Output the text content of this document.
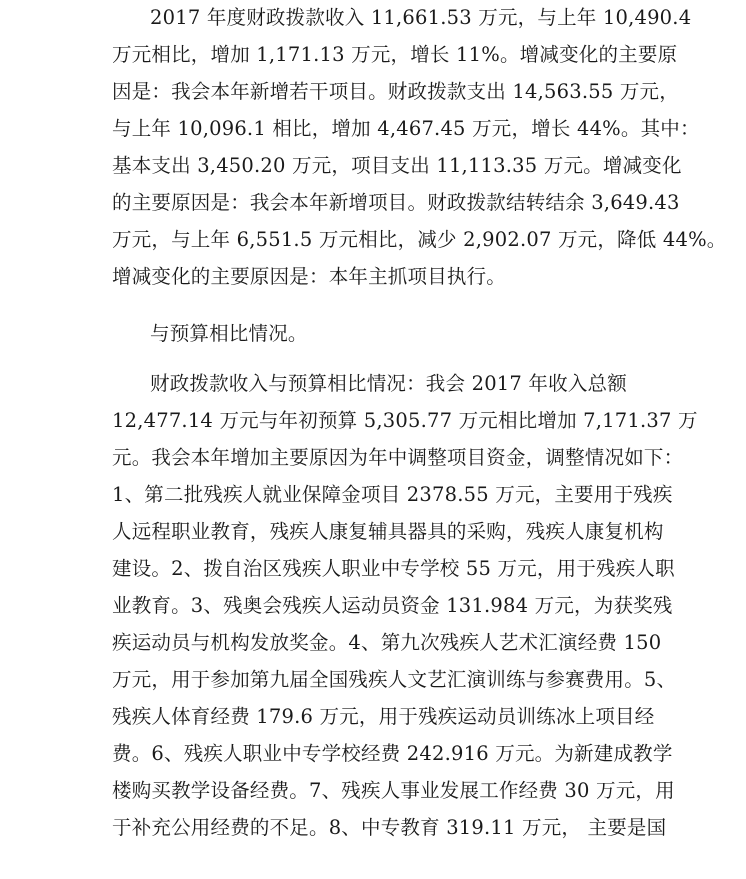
2017 年度财政拨款收入 11,661.53 万元，与上年 10,490.4
万元相比，增加 1,171.13 万元，增长 11%。增减变化的主要原
因是：我会本年新增若干项目。财政拨款支出 14,563.55 万元，
与上年 10,096.1 相比，增加 4,467.45 万元，增长 44%。其中：
基本支出 3,450.20 万元，项目支出 11,113.35 万元。增减变化
的主要原因是：我会本年新增项目。财政拨款结转结余 3,649.43
万元，与上年 6,551.5 万元相比，减少 2,902.07 万元，降低 44%。
增减变化的主要原因是：本年主抓项目执行。
与预算相比情况。
财政拨款收入与预算相比情况：我会 2017 年收入总额
12,477.14 万元与年初预算 5,305.77 万元相比增加 7,171.37 万
元。我会本年增加主要原因为年中调整项目资金，调整情况如下：
1、第二批残疾人就业保障金项目 2378.55 万元，主要用于残疾
人远程职业教育，残疾人康复辅具器具的采购，残疾人康复机构
建设。2、拨自治区残疾人职业中专学校 55 万元，用于残疾人职
业教育。3、残奥会残疾人运动员资金 131.984 万元，为获奖残
疾运动员与机构发放奖金。4、第九次残疾人艺术汇演经费 150
万元，用于参加第九届全国残疾人文艺汇演训练与参赛费用。5、
残疾人体育经费 179.6 万元，用于残疾运动员训练冰上项目经
费。6、残疾人职业中专学校经费 242.916 万元。为新建成教学
楼购买教学设备经费。7、残疾人事业发展工作经费 30 万元，用
于补充公用经费的不足。8、中专教育 319.11 万元， 主要是国
